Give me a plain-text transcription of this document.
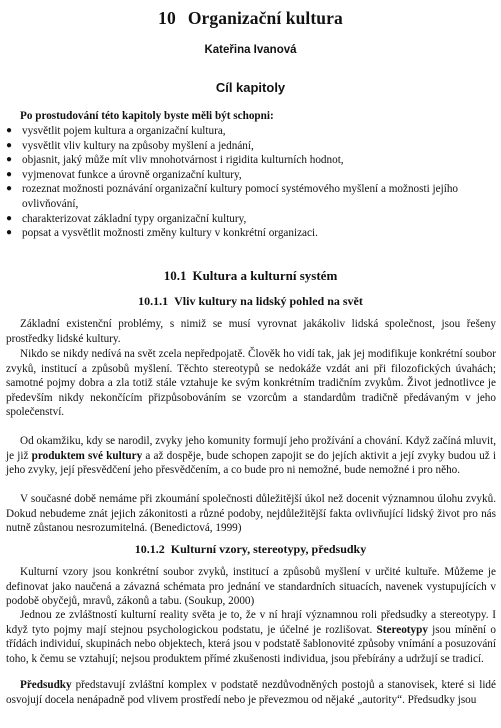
10 Organizační kultura
Kateřina Ivanová
Cíl kapitoly
Po prostudování této kapitoly byste měli být schopni:
● vysvětlit pojem kultura a organizační kultura,
● vysvětlit vliv kultury na způsoby myšlení a jednání,
● objasnit, jaký může mít vliv mnohotvárnost i rigidita kulturních hodnot,
● vyjmenovat funkce a úrovně organizační kultury,
● rozeznat možnosti poznávání organizační kultury pomocí systémového myšlení a možnosti jejího ovlivňování,
● charakterizovat základní typy organizační kultury,
● popsat a vysvětlit možnosti změny kultury v konkrétní organizaci.
10.1 Kultura a kulturní systém
10.1.1 Vliv kultury na lidský pohled na svět

Základní existenční problémy, s nimiž se musí vyrovnat jakákoliv lidská společnost, jsou řešeny prostředky lidské kultury.

Nikdo se nikdy nedívá na svět zcela nepředpojatě. Člověk ho vidí tak, jak jej modifikuje konkrétní soubor zvyků, institucí a způsobů myšlení. Těchto stereotypů se nedokáže vzdát ani při filozofických úvahách; samotné pojmy dobra a zla totiž stále vztahuje ke svým konkrétním tradičním zvykům. Život jednotlivce je především nikdy nekončícím přizpůsobováním se vzorcům a standardům tradičně předávaným v jeho společenství.

Od okamžiku, kdy se narodil, zvyky jeho komunity formují jeho prožívání a chování. Když začíná mluvit, je již produktem své kultury a až dospěje, bude schopen zapojit se do jejích aktivit a její zvyky budou už i jeho zvyky, její přesvědčení jeho přesvědčením, a co bude pro ni nemožné, bude nemožné i pro něho.

V současné době nemáme při zkoumání společnosti důležitější úkol než docenit významnou úlohu zvyků. Dokud nebudeme znát jejich zákonitosti a různé podoby, nejdůležitější fakta ovlivňující lidský život pro nás nutně zůstanou nesrozumitelná. (Benedictová, 1999)

10.1.2 Kulturní vzory, stereotypy, předsudky

Kulturní vzory jsou konkrétní soubor zvyků, institucí a způsobů myšlení v určité kultuře. Můžeme je definovat jako naučená a závazná schémata pro jednání ve standardních situacích, navenek vystupujících v podobě obyčejů, mravů, zákonů a tabu. (Soukup, 2000)

Jednou ze zvláštností kulturní reality světa je to, že v ní hrají významnou roli předsudky a stereotypy. I když tyto pojmy mají stejnou psychologickou podstatu, je účelné je rozlišovat. Stereotypy jsou mínění o třídách individuí, skupinách nebo objektech, která jsou v podstatě šablonovité způsoby vnímání a posuzování toho, k čemu se vztahují; nejsou produktem přímé zkušenosti individua, jsou přebírány a udržují se tradicí.

Předsudky představují zvláštní komplex v podstatě nezdůvodněných postojů a stanovisek, které si lidé osvojují docela nenápadně pod vlivem prostředí nebo je převezmou od nějaké „autority“. Předsudky jsou
